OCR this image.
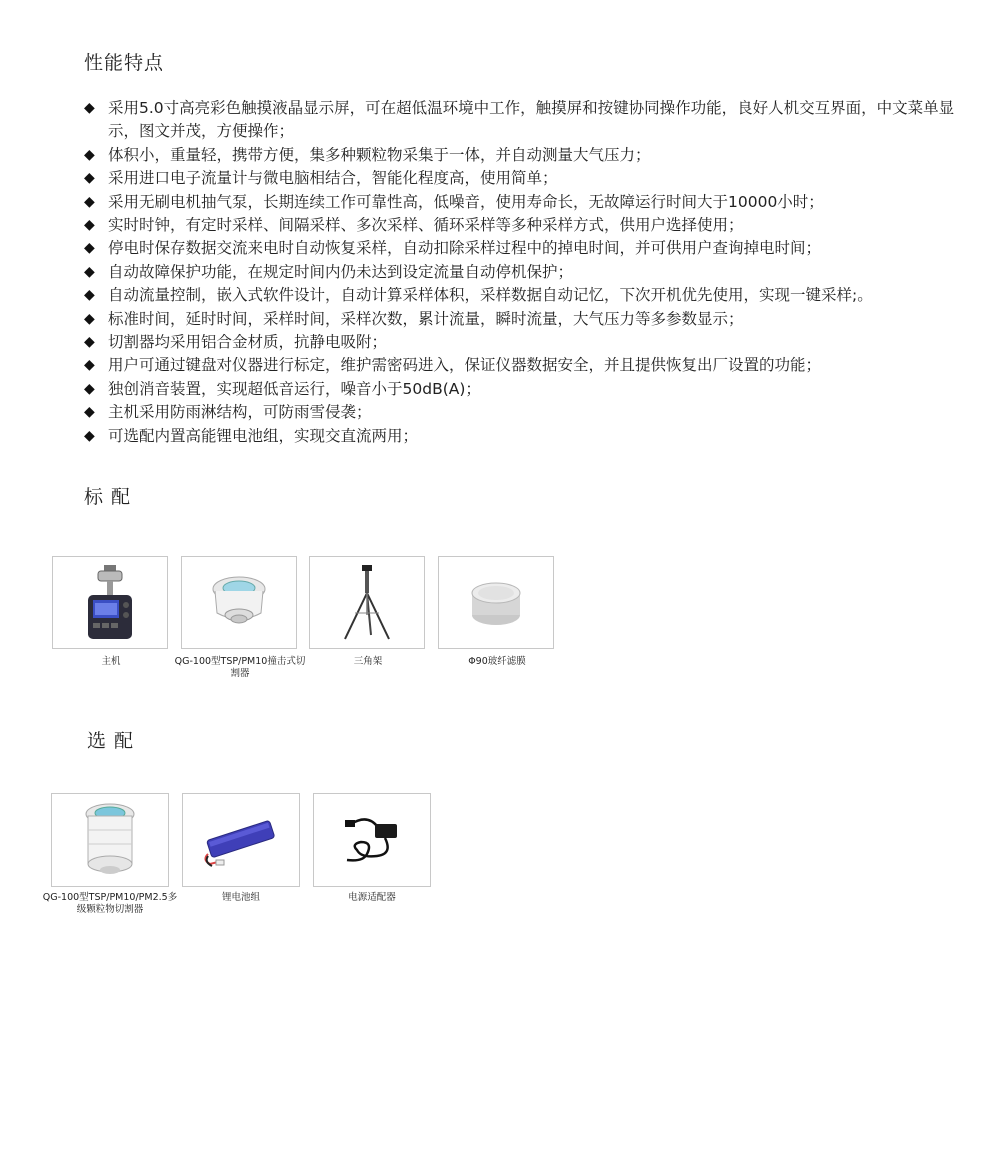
性能特点
◆ 采用5.0寸高亮彩色触摸液晶显示屏，可在超低温环境中工作，触摸屏和按键协同操作功能，良好人机交互界面，中文菜单显示，图文并茂，方便操作；
◆ 体积小，重量轻，携带方便，集多种颗粒物采集于一体，并自动测量大气压力；
◆ 采用进口电子流量计与微电脑相结合，智能化程度高，使用简单；
◆ 采用无刷电机抽气泵，长期连续工作可靠性高，低噪音，使用寿命长，无故障运行时间大于10000小时；
◆ 实时时钟，有定时采样、间隔采样、多次采样、循环采样等多种采样方式，供用户选择使用；
◆ 停电时保存数据交流来电时自动恢复采样，自动扣除采样过程中的掉电时间，并可供用户查询掉电时间；
◆ 自动故障保护功能，在规定时间内仍未达到设定流量自动停机保护；
◆ 自动流量控制，嵌入式软件设计，自动计算采样体积，采样数据自动记忆，下次开机优先使用，实现一键采样;。
◆ 标准时间，延时时间，采样时间，采样次数，累计流量，瞬时流量，大气压力等多参数显示；
◆ 切割器均采用铝合金材质，抗静电吸附；
◆ 用户可通过键盘对仪器进行标定，维护需密码进入，保证仪器数据安全，并且提供恢复出厂设置的功能；
◆ 独创消音装置，实现超低音运行，噪音小于50dB(A)；
◆ 主机采用防雨淋结构，可防雨雪侵袭；
◆ 可选配内置高能锂电池组，实现交直流两用；
标 配
主机	QG-100型TSP/PM10撞击式切割器
三角架	Φ90玻纤滤膜
选 配
QG-100型TSP/PM10/PM2.5多级颗粒物切割器
锂电池组	电源适配器
